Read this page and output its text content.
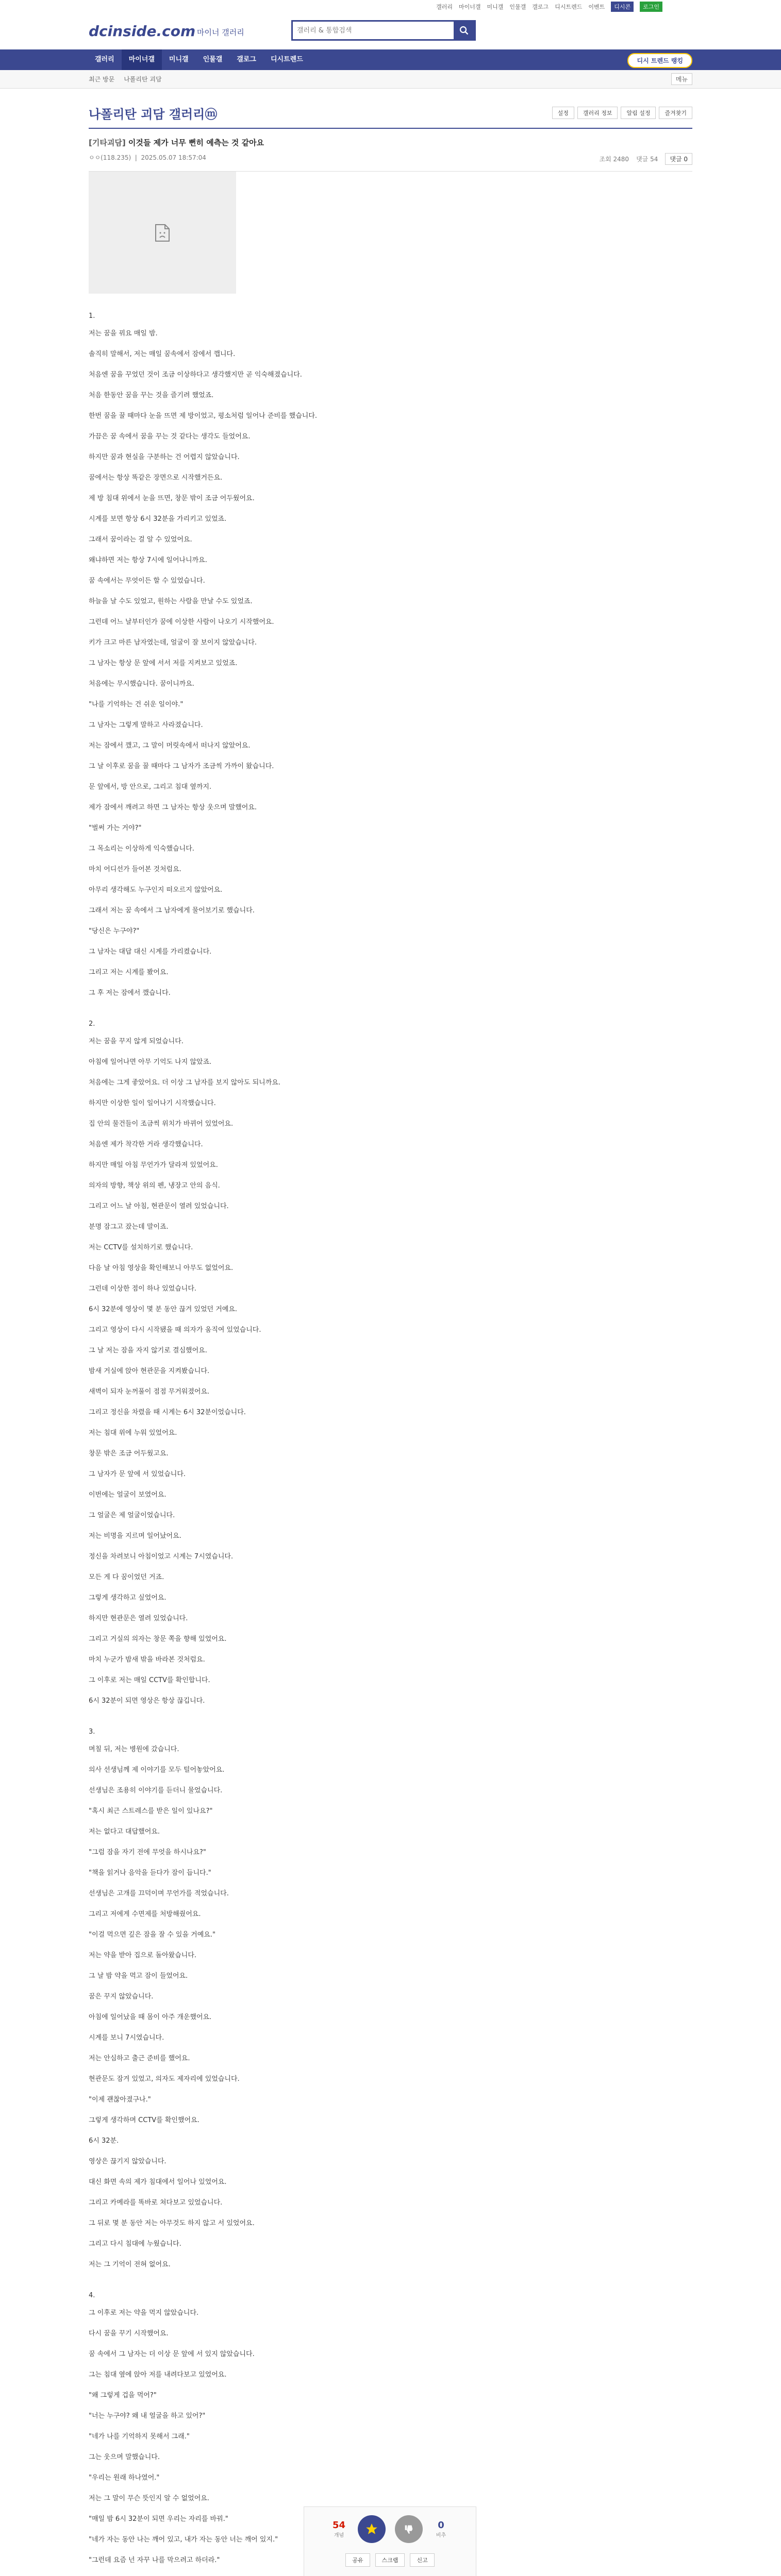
갤러리 마이너갤 미니갤 인물갤 갤로그 디시트렌드 이벤트	디시콘	로그인
dcinside.com 마이너 갤러리
갤러리 & 통합검색
갤러리	마이너갤	미니갤	인물갤	갤로그	디시트렌드	디시 트렌드 랭킹
최근 방문 나폴리탄 괴담	메뉴
나폴리탄 괴담 갤러리ⓜ	설정	갤러리 정보	알림 설정	즐겨찾기
[기타괴담] 이것들 제가 너무 뻔히 예측는 것 같아요
ㅇㅇ(118.235)  |  2025.05.07 18:57:04	조회 2480 댓글 54	댓글 0

1.

저는 꿈을 꿔요 매일 밤.

솔직히 말해서, 저는 매일 꿈속에서 잠에서 깹니다.

처음엔 꿈을 꾸었던 것이 조금 이상하다고 생각했지만 곧 익숙해졌습니다.

처음 한동안 꿈을 꾸는 것을 즐기려 했었죠.

한번 꿈을 꿀 때마다 눈을 뜨면 제 방이었고, 평소처럼 일어나 준비를 했습니다.

가끔은 꿈 속에서 꿈을 꾸는 것 같다는 생각도 들었어요.

하지만 꿈과 현실을 구분하는 건 어렵지 않았습니다.

꿈에서는 항상 똑같은 장면으로 시작했거든요.

제 방 침대 위에서 눈을 뜨면, 창문 밖이 조금 어두웠어요.

시계를 보면 항상 6시 32분을 가리키고 있었죠.

그래서 꿈이라는 걸 알 수 있었어요.

왜냐하면 저는 항상 7시에 일어나니까요.

꿈 속에서는 무엇이든 할 수 있었습니다.

하늘을 날 수도 있었고, 원하는 사람을 만날 수도 있었죠.

그런데 어느 날부터인가 꿈에 이상한 사람이 나오기 시작했어요.

키가 크고 마른 남자였는데, 얼굴이 잘 보이지 않았습니다.

그 남자는 항상 문 앞에 서서 저를 지켜보고 있었죠.

처음에는 무시했습니다. 꿈이니까요.

"나를 기억하는 건 쉬운 일이야."

그 남자는 그렇게 말하고 사라졌습니다.

저는 잠에서 깼고, 그 말이 머릿속에서 떠나지 않았어요.

그 날 이후로 꿈을 꿀 때마다 그 남자가 조금씩 가까이 왔습니다.

문 앞에서, 방 안으로, 그리고 침대 옆까지.

제가 잠에서 깨려고 하면 그 남자는 항상 웃으며 말했어요.

"벌써 가는 거야?"

그 목소리는 이상하게 익숙했습니다.

마치 어디선가 들어본 것처럼요.

아무리 생각해도 누구인지 떠오르지 않았어요.

그래서 저는 꿈 속에서 그 남자에게 물어보기로 했습니다.

"당신은 누구야?"

그 남자는 대답 대신 시계를 가리켰습니다.

그리고 저는 시계를 봤어요.

그 후 저는 잠에서 깼습니다.

2.

저는 꿈을 꾸지 않게 되었습니다.

아침에 일어나면 아무 기억도 나지 않았죠.

처음에는 그게 좋았어요. 더 이상 그 남자를 보지 않아도 되니까요.

하지만 이상한 일이 일어나기 시작했습니다.

집 안의 물건들이 조금씩 위치가 바뀌어 있었어요.

처음엔 제가 착각한 거라 생각했습니다.

하지만 매일 아침 무언가가 달라져 있었어요.

의자의 방향, 책상 위의 펜, 냉장고 안의 음식.

그리고 어느 날 아침, 현관문이 열려 있었습니다.

분명 잠그고 잤는데 말이죠.

저는 CCTV를 설치하기로 했습니다.

다음 날 아침 영상을 확인해보니 아무도 없었어요.

그런데 이상한 점이 하나 있었습니다.

6시 32분에 영상이 몇 분 동안 끊겨 있었던 거예요.

그리고 영상이 다시 시작됐을 때 의자가 움직여 있었습니다.

그 날 저는 잠을 자지 않기로 결심했어요.

밤새 거실에 앉아 현관문을 지켜봤습니다.

새벽이 되자 눈꺼풀이 점점 무거워졌어요.

그리고 정신을 차렸을 때 시계는 6시 32분이었습니다.

저는 침대 위에 누워 있었어요.

창문 밖은 조금 어두웠고요.

그 남자가 문 앞에 서 있었습니다.

이번에는 얼굴이 보였어요.

그 얼굴은 제 얼굴이었습니다.

저는 비명을 지르며 일어났어요.

정신을 차려보니 아침이었고 시계는 7시였습니다.

모든 게 다 꿈이었던 거죠.

그렇게 생각하고 싶었어요.

하지만 현관문은 열려 있었습니다.

그리고 거실의 의자는 창문 쪽을 향해 있었어요.

마치 누군가 밤새 밖을 바라본 것처럼요.

그 이후로 저는 매일 CCTV를 확인합니다.

6시 32분이 되면 영상은 항상 끊깁니다.

3.

며칠 뒤, 저는 병원에 갔습니다.

의사 선생님께 제 이야기를 모두 털어놓았어요.

선생님은 조용히 이야기를 듣더니 물었습니다.

"혹시 최근 스트레스를 받은 일이 있나요?"

저는 없다고 대답했어요.

"그럼 잠을 자기 전에 무엇을 하시나요?"

"책을 읽거나 음악을 듣다가 잠이 듭니다."

선생님은 고개를 끄덕이며 무언가를 적었습니다.

그리고 저에게 수면제를 처방해줬어요.

"이걸 먹으면 깊은 잠을 잘 수 있을 거예요."

저는 약을 받아 집으로 돌아왔습니다.

그 날 밤 약을 먹고 잠이 들었어요.

꿈은 꾸지 않았습니다.

아침에 일어났을 때 몸이 아주 개운했어요.

시계를 보니 7시였습니다.

저는 안심하고 출근 준비를 했어요.

현관문도 잠겨 있었고, 의자도 제자리에 있었습니다.

"이제 괜찮아졌구나."

그렇게 생각하며 CCTV를 확인했어요.

6시 32분.

영상은 끊기지 않았습니다.

대신 화면 속의 제가 침대에서 일어나 있었어요.

그리고 카메라를 똑바로 쳐다보고 있었습니다.

그 뒤로 몇 분 동안 저는 아무것도 하지 않고 서 있었어요.

그리고 다시 침대에 누웠습니다.

저는 그 기억이 전혀 없어요.

4.

그 이후로 저는 약을 먹지 않았습니다.

다시 꿈을 꾸기 시작했어요.

꿈 속에서 그 남자는 더 이상 문 앞에 서 있지 않았습니다.

그는 침대 옆에 앉아 저를 내려다보고 있었어요.

"왜 그렇게 겁을 먹어?"

"너는 누구야? 왜 내 얼굴을 하고 있어?"

"네가 나를 기억하지 못해서 그래."

그는 웃으며 말했습니다.

"우리는 원래 하나였어."

저는 그 말이 무슨 뜻인지 알 수 없었어요.

"매일 밤 6시 32분이 되면 우리는 자리를 바꿔."

"네가 자는 동안 나는 깨어 있고, 내가 자는 동안 너는 깨어 있지."

"그런데 요즘 넌 자꾸 나를 막으려고 하더라."

54
개념
0
비추
공유	스크랩	신고
